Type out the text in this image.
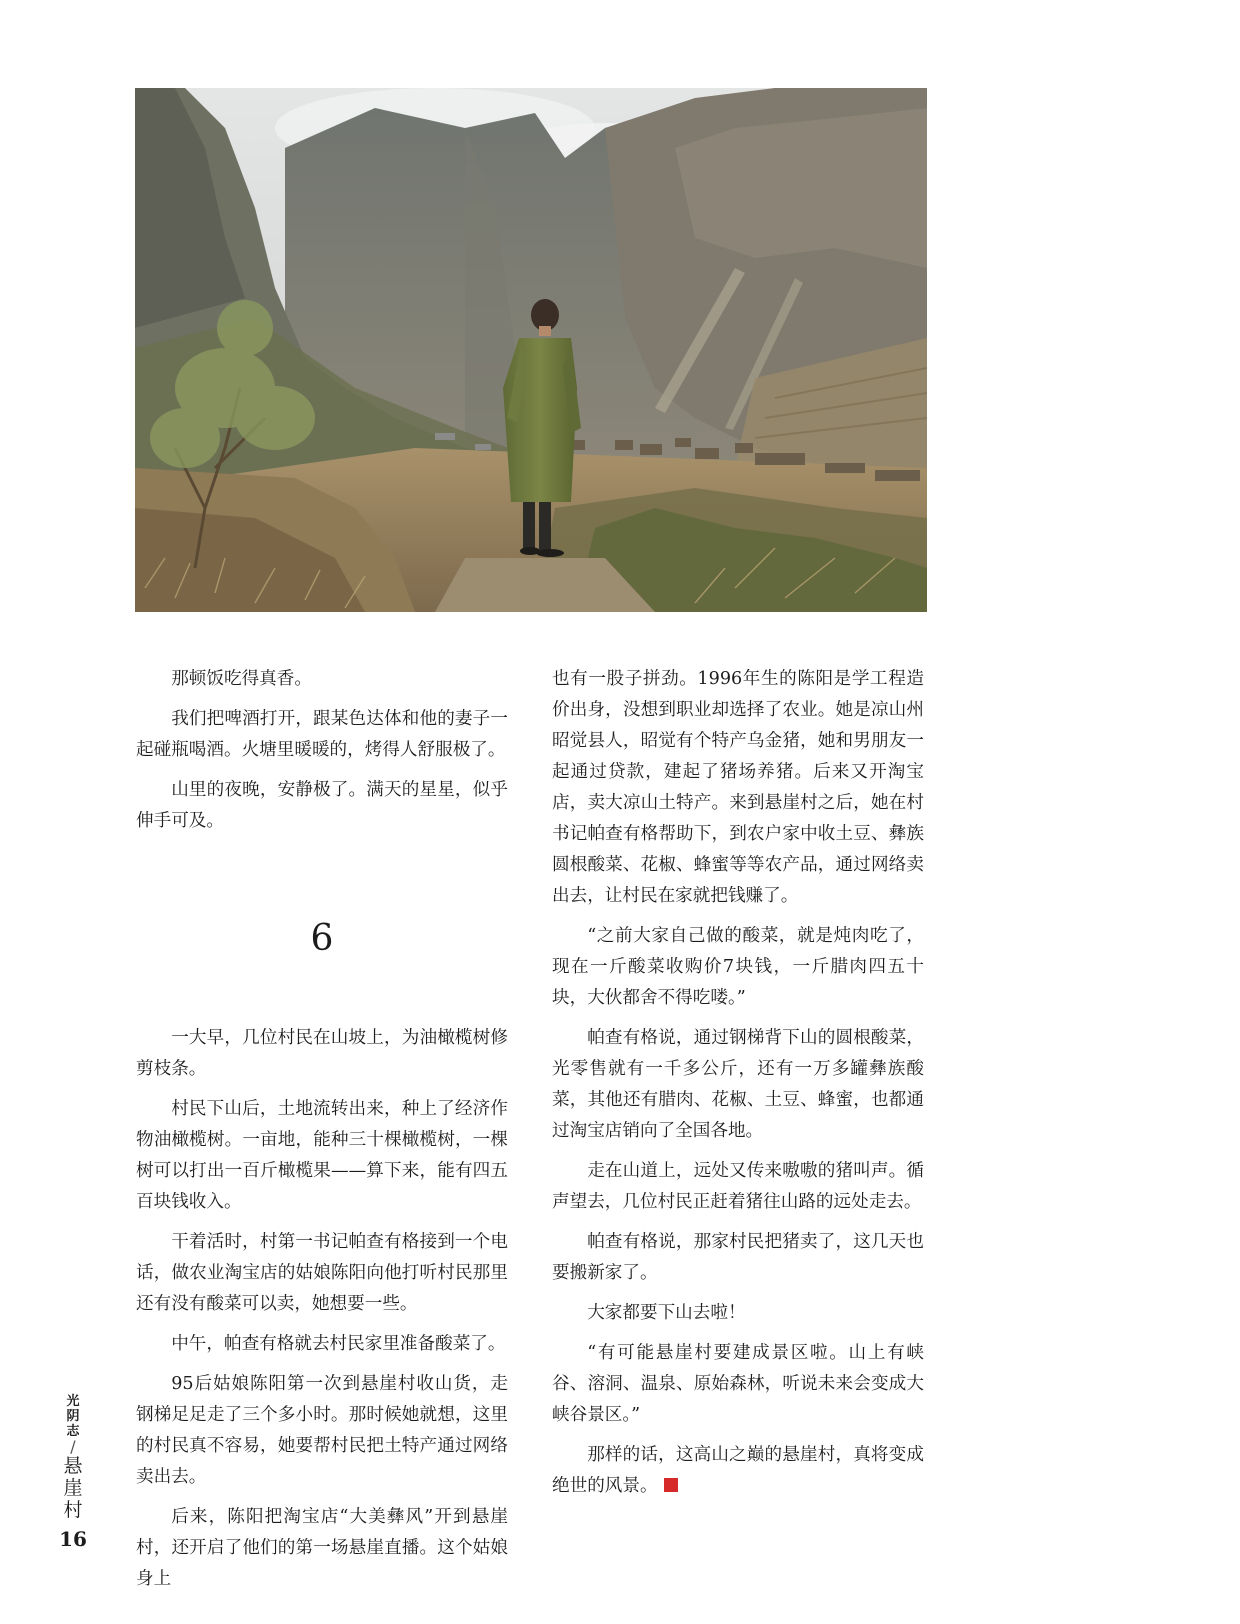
那顿饭吃得真香。

我们把啤酒打开，跟某色达体和他的妻子一起碰瓶喝酒。火塘里暖暖的，烤得人舒服极了。

山里的夜晚，安静极了。满天的星星，似乎伸手可及。

6

一大早，几位村民在山坡上，为油橄榄树修剪枝条。

村民下山后，土地流转出来，种上了经济作物油橄榄树。一亩地，能种三十棵橄榄树，一棵树可以打出一百斤橄榄果——算下来，能有四五百块钱收入。

干着活时，村第一书记帕查有格接到一个电话，做农业淘宝店的姑娘陈阳向他打听村民那里还有没有酸菜可以卖，她想要一些。

中午，帕查有格就去村民家里准备酸菜了。

95后姑娘陈阳第一次到悬崖村收山货，走钢梯足足走了三个多小时。那时候她就想，这里的村民真不容易，她要帮村民把土特产通过网络卖出去。

后来，陈阳把淘宝店“大美彝风”开到悬崖村，还开启了他们的第一场悬崖直播。这个姑娘身上

也有一股子拼劲。1996年生的陈阳是学工程造价出身，没想到职业却选择了农业。她是凉山州昭觉县人，昭觉有个特产乌金猪，她和男朋友一起通过贷款，建起了猪场养猪。后来又开淘宝店，卖大凉山土特产。来到悬崖村之后，她在村书记帕查有格帮助下，到农户家中收土豆、彝族圆根酸菜、花椒、蜂蜜等等农产品，通过网络卖出去，让村民在家就把钱赚了。

“之前大家自己做的酸菜，就是炖肉吃了，现在一斤酸菜收购价7块钱，一斤腊肉四五十块，大伙都舍不得吃喽。”

帕查有格说，通过钢梯背下山的圆根酸菜，光零售就有一千多公斤，还有一万多罐彝族酸菜，其他还有腊肉、花椒、土豆、蜂蜜，也都通过淘宝店销向了全国各地。

走在山道上，远处又传来嗷嗷的猪叫声。循声望去，几位村民正赶着猪往山路的远处走去。

帕查有格说，那家村民把猪卖了，这几天也要搬新家了。

大家都要下山去啦！

“有可能悬崖村要建成景区啦。山上有峡谷、溶洞、温泉、原始森林，听说未来会变成大峡谷景区。”

那样的话，这高山之巅的悬崖村，真将变成绝世的风景。

光
阴
志
/
悬
崖
村
16
